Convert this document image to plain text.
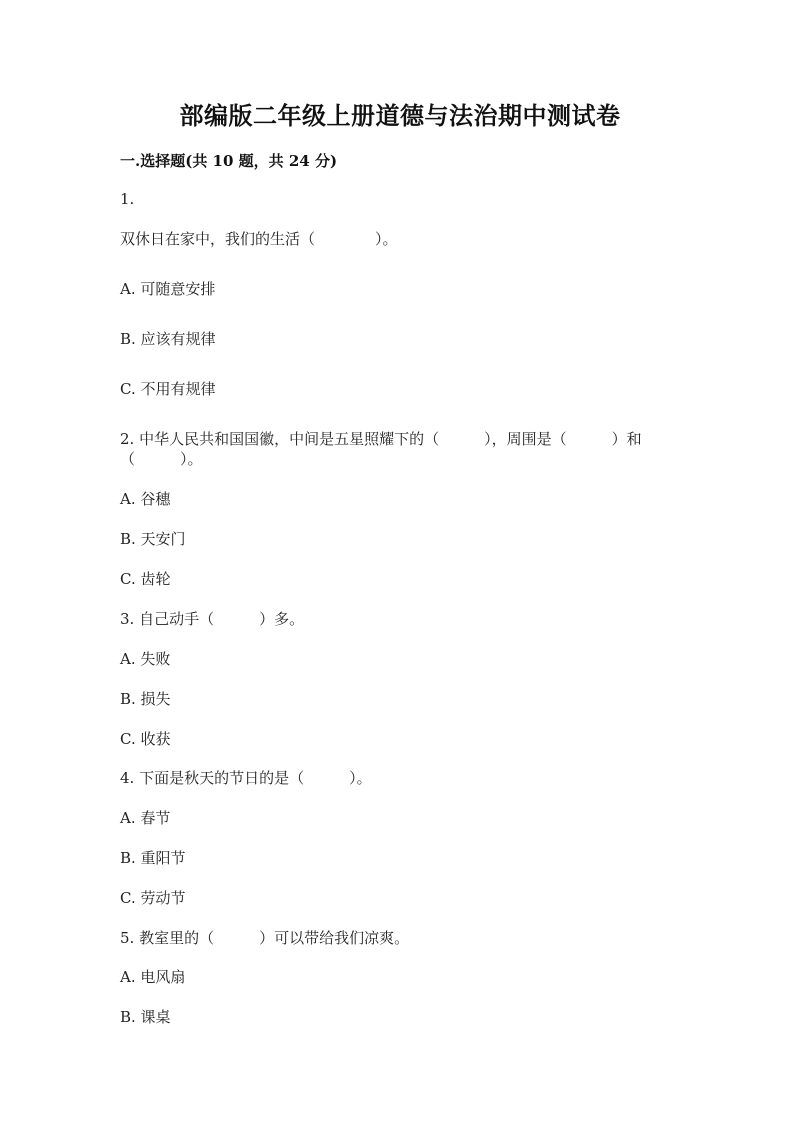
部编版二年级上册道德与法治期中测试卷
一.选择题(共 10 题，共 24 分)
1.
双休日在家中，我们的生活（　　　　）。
A. 可随意安排
B. 应该有规律
C. 不用有规律
2. 中华人民共和国国徽，中间是五星照耀下的（　　　），周围是（　　　）和
（　　　）。
A. 谷穗
B. 天安门
C. 齿轮
3. 自己动手（　　　）多。
A. 失败
B. 损失
C. 收获
4. 下面是秋天的节日的是（　　　）。
A. 春节
B. 重阳节
C. 劳动节
5. 教室里的（　　　）可以带给我们凉爽。
A. 电风扇
B. 课桌
